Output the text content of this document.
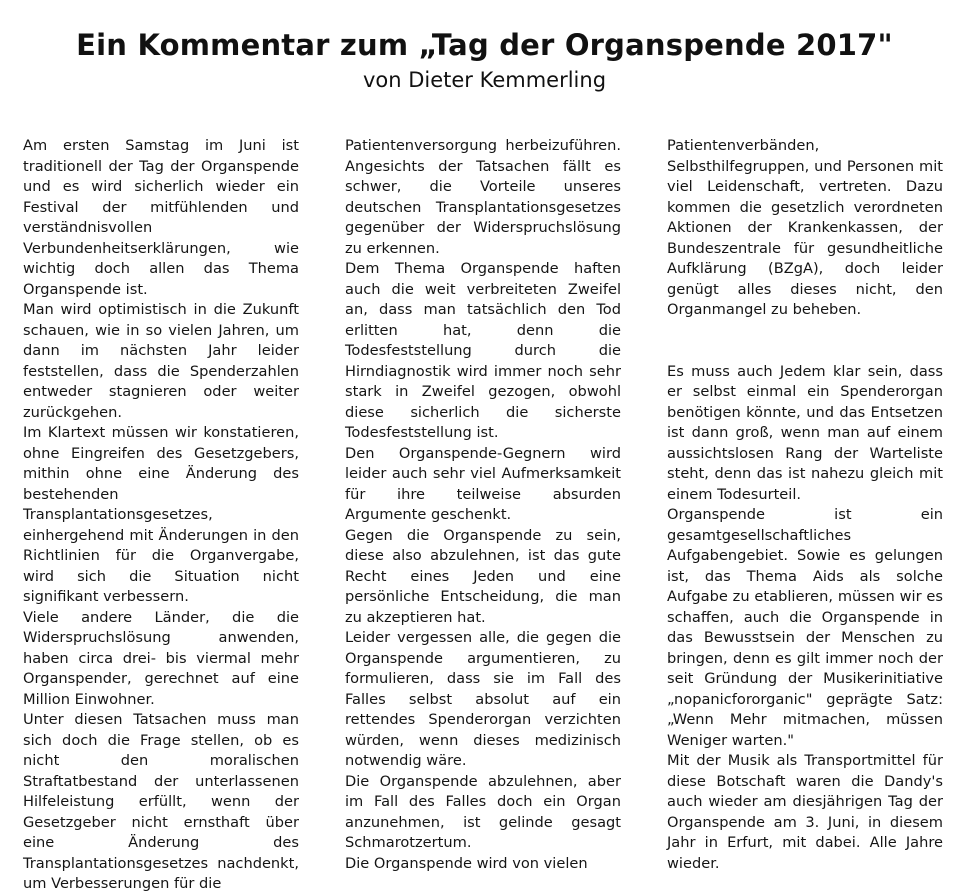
Ein Kommentar zum „Tag der Organspende 2017"
von Dieter Kemmerling

Am ersten Samstag im Juni ist traditionell der Tag der Organspende und es wird sicherlich wieder ein Festival der mitfühlenden und verständnisvollen Verbundenheitserklärungen, wie wichtig doch allen das Thema Organspende ist.

Man wird optimistisch in die Zukunft schauen, wie in so vielen Jahren, um dann im nächsten Jahr leider feststellen, dass die Spenderzahlen entweder stagnieren oder weiter zurückgehen.

Im Klartext müssen wir konstatieren, ohne Eingreifen des Gesetzgebers, mithin ohne eine Änderung des bestehenden Transplantationsgesetzes, einhergehend mit Änderungen in den Richtlinien für die Organvergabe, wird sich die Situation nicht signifikant verbessern.

Viele andere Länder, die die Widerspruchslösung anwenden, haben circa drei- bis viermal mehr Organspender, gerechnet auf eine Million Einwohner.

Unter diesen Tatsachen muss man sich doch die Frage stellen, ob es nicht den moralischen Straftatbestand der unterlassenen Hilfeleistung erfüllt, wenn der Gesetzgeber nicht ernsthaft über eine Änderung des Transplantationsgesetzes nachdenkt, um Verbesserungen für die

Patientenversorgung herbeizuführen. Angesichts der Tatsachen fällt es schwer, die Vorteile unseres deutschen Transplantationsgesetzes gegenüber der Widerspruchslösung zu erkennen.

Dem Thema Organspende haften auch die weit verbreiteten Zweifel an, dass man tatsächlich den Tod erlitten hat, denn die Todesfeststellung durch die Hirndiagnostik wird immer noch sehr stark in Zweifel gezogen, obwohl diese sicherlich die sicherste Todesfeststellung ist.

Den Organspende-Gegnern wird leider auch sehr viel Aufmerksamkeit für ihre teilweise absurden Argumente geschenkt.

Gegen die Organspende zu sein, diese also abzulehnen, ist das gute Recht eines Jeden und eine persönliche Entscheidung, die man zu akzeptieren hat.

Leider vergessen alle, die gegen die Organspende argumentieren, zu formulieren, dass sie im Fall des Falles selbst absolut auf ein rettendes Spenderorgan verzichten würden, wenn dieses medizinisch notwendig wäre.

Die Organspende abzulehnen, aber im Fall des Falles doch ein Organ anzunehmen, ist gelinde gesagt Schmarotzertum.

Die Organspende wird von vielen

Patientenverbänden, Selbsthilfegruppen, und Personen mit viel Leidenschaft, vertreten. Dazu kommen die gesetzlich verordneten Aktionen der Krankenkassen, der Bundeszentrale für gesundheitliche Aufklärung (BZgA), doch leider genügt alles dieses nicht, den Organmangel zu beheben.

Es muss auch Jedem klar sein, dass er selbst einmal ein Spenderorgan benötigen könnte, und das Entsetzen ist dann groß, wenn man auf einem aussichtslosen Rang der Warteliste steht, denn das ist nahezu gleich mit einem Todesurteil.

Organspende ist ein gesamtgesellschaftliches Aufgabengebiet. Sowie es gelungen ist, das Thema Aids als solche Aufgabe zu etablieren, müssen wir es schaffen, auch die Organspende in das Bewusstsein der Menschen zu bringen, denn es gilt immer noch der seit Gründung der Musikerinitiative „nopanicfororganic" geprägte Satz: „Wenn Mehr mitmachen, müssen Weniger warten."

Mit der Musik als Transportmittel für diese Botschaft waren die Dandy's auch wieder am diesjährigen Tag der Organspende am 3. Juni, in diesem Jahr in Erfurt, mit dabei. Alle Jahre wieder.
